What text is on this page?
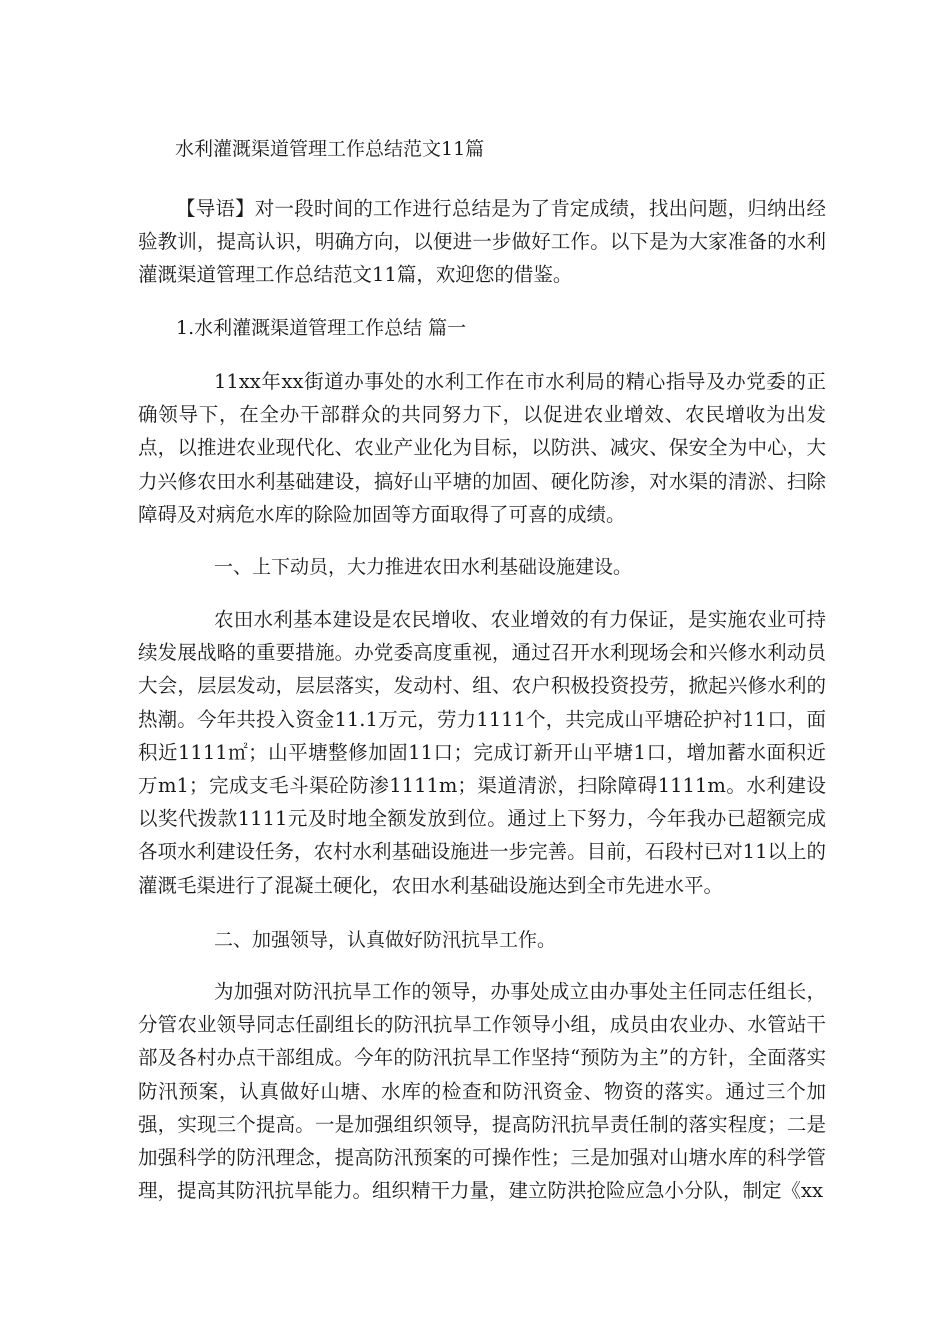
水利灌溉渠道管理工作总结范文11篇

【导语】对一段时间的工作进行总结是为了肯定成绩，找出问题，归纳出经验教训，提高认识，明确方向，以便进一步做好工作。以下是为大家准备的水利灌溉渠道管理工作总结范文11篇，欢迎您的借鉴。

1.水利灌溉渠道管理工作总结 篇一

11xx年xx街道办事处的水利工作在市水利局的精心指导及办党委的正确领导下，在全办干部群众的共同努力下，以促进农业增效、农民增收为出发点，以推进农业现代化、农业产业化为目标，以防洪、减灾、保安全为中心，大力兴修农田水利基础建设，搞好山平塘的加固、硬化防渗，对水渠的清淤、扫除障碍及对病危水库的除险加固等方面取得了可喜的成绩。

一、上下动员，大力推进农田水利基础设施建设。

农田水利基本建设是农民增收、农业增效的有力保证，是实施农业可持续发展战略的重要措施。办党委高度重视，通过召开水利现场会和兴修水利动员大会，层层发动，层层落实，发动村、组、农户积极投资投劳，掀起兴修水利的热潮。今年共投入资金11.1万元，劳力1111个，共完成山平塘砼护衬11口，面积近1111㎡；山平塘整修加固11口；完成订新开山平塘1口，增加蓄水面积近万m1；完成支毛斗渠砼防渗1111m；渠道清淤，扫除障碍1111m。水利建设以奖代拨款1111元及时地全额发放到位。通过上下努力，今年我办已超额完成各项水利建设任务，农村水利基础设施进一步完善。目前，石段村已对11以上的灌溉毛渠进行了混凝土硬化，农田水利基础设施达到全市先进水平。

二、加强领导，认真做好防汛抗旱工作。

为加强对防汛抗旱工作的领导，办事处成立由办事处主任同志任组长，分管农业领导同志任副组长的防汛抗旱工作领导小组，成员由农业办、水管站干部及各村办点干部组成。今年的防汛抗旱工作坚持“预防为主”的方针，全面落实防汛预案，认真做好山塘、水库的检查和防汛资金、物资的落实。通过三个加强，实现三个提高。一是加强组织领导，提高防汛抗旱责任制的落实程度；二是加强科学的防汛理念，提高防汛预案的可操作性；三是加强对山塘水库的科学管理，提高其防汛抗旱能力。组织精干力量，建立防洪抢险应急小分队，制定《xx
